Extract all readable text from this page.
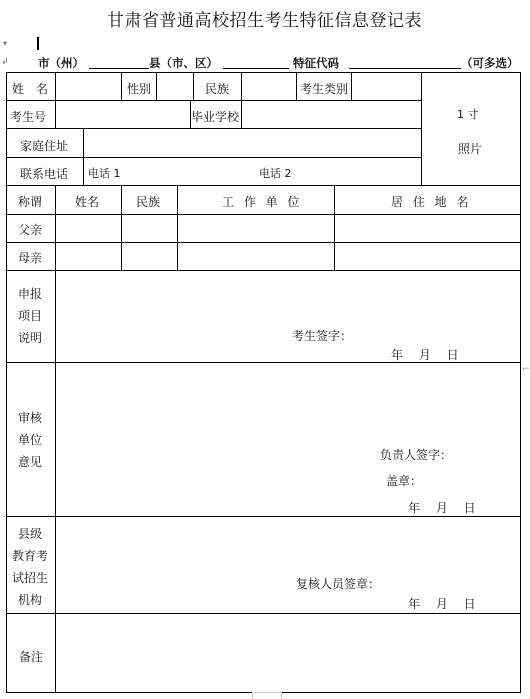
甘肃省普通高校招生考生特征信息登记表
▾
↲
⌐
市（州）	县（市、区）	特征代码	（可多选）
姓　名	性别	民族	考生类别
考生号	毕业学校
家庭住址
联系电话 电话 1	电话 2
1 寸
照片
称谓	姓名	民族	工 作 单 位	居 住 地 名
父亲
母亲
申报
项目
说明	考生签字：
年　 月　 日
审核
单位
意见	负责人签字：
盖章：
年　 月　 日
县级
教育考
试招生
机构
复核人员签章：
年　 月　 日
备注
